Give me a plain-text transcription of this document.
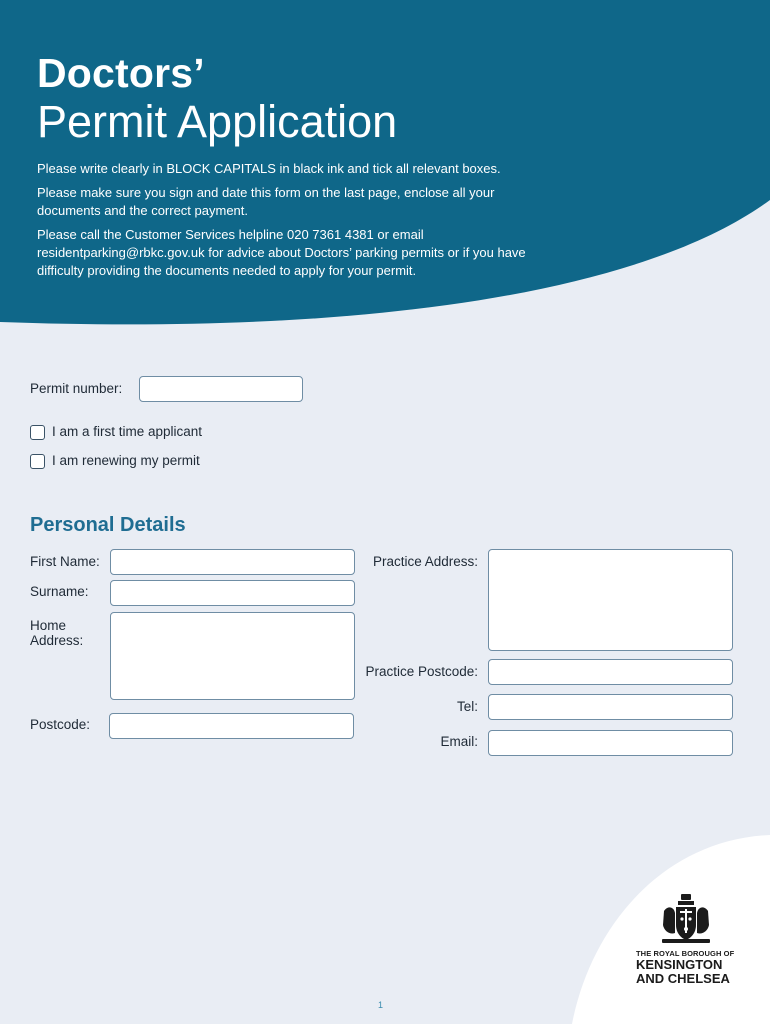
Doctors’
Permit Application

Please write clearly in BLOCK CAPITALS in black ink and tick all relevant boxes.

Please make sure you sign and date this form on the last page, enclose all your documents and the correct payment.

Please call the Customer Services helpline 020 7361 4381 or email residentparking@rbkc.gov.uk for advice about Doctors’ parking permits or if you have difficulty providing the documents needed to apply for your permit.

Permit number:
I am a first time applicant
I am renewing my permit
Personal Details
First Name:
Surname:
Home
Address:
Postcode:
Practice Address:
Practice Postcode:
Tel:
Email:
THE ROYAL BOROUGH OF
KENSINGTON
AND CHELSEA
1
